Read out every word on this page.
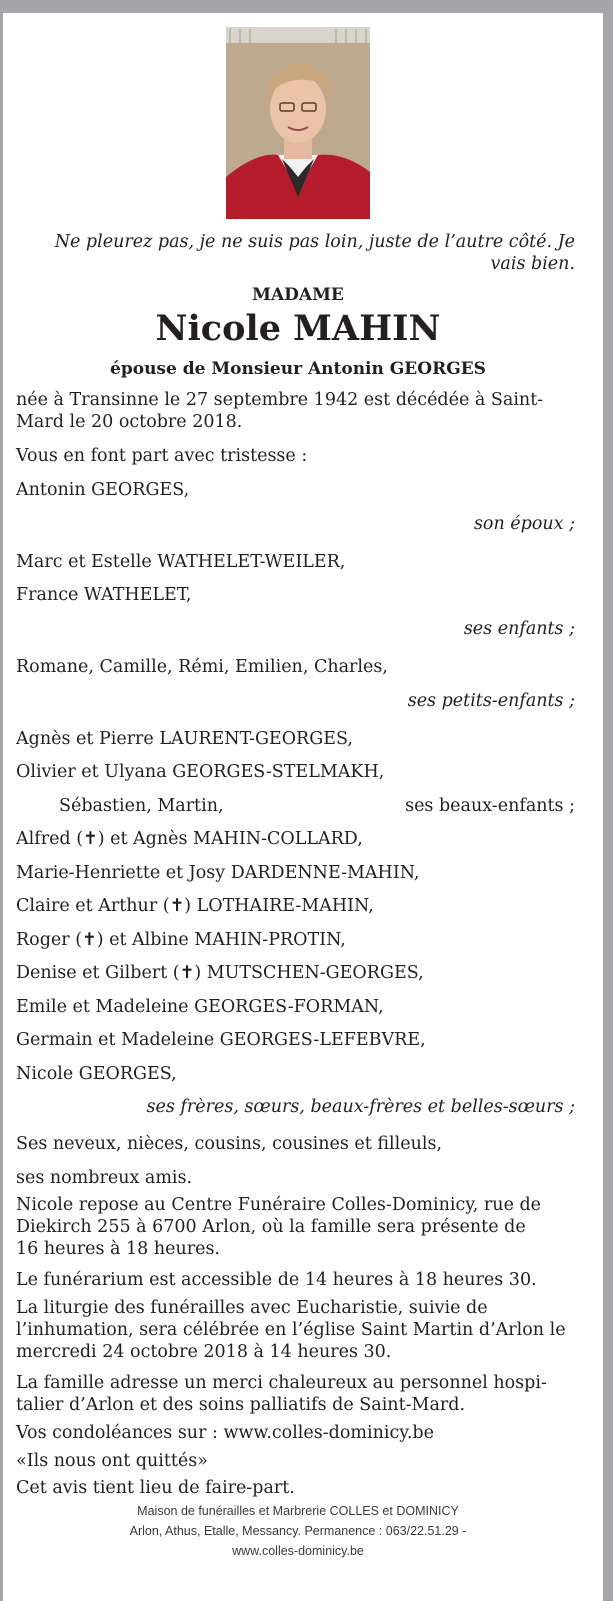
Ne pleurez pas, je ne suis pas loin, juste de l’autre côté. Je
vais bien.
MADAME
Nicole MAHIN
épouse de Monsieur Antonin GEORGES
née à Transinne le 27 septembre 1942 est décédée à Saint-
Mard le 20 octobre 2018.
Vous en font part avec tristesse :
Antonin GEORGES,
son époux ;
Marc et Estelle WATHELET-WEILER,
France WATHELET,
ses enfants ;
Romane, Camille, Rémi, Emilien, Charles,
ses petits-enfants ;
Agnès et Pierre LAURENT-GEORGES,
Olivier et Ulyana GEORGES-STELMAKH,
Sébastien, Martin,	ses beaux-enfants ;
Alfred (✝) et Agnès MAHIN-COLLARD,
Marie-Henriette et Josy DARDENNE-MAHIN,
Claire et Arthur (✝) LOTHAIRE-MAHIN,
Roger (✝) et Albine MAHIN-PROTIN,
Denise et Gilbert (✝) MUTSCHEN-GEORGES,
Emile et Madeleine GEORGES-FORMAN,
Germain et Madeleine GEORGES-LEFEBVRE,
Nicole GEORGES,
ses frères, sœurs, beaux-frères et belles-sœurs ;
Ses neveux, nièces, cousins, cousines et filleuls,
ses nombreux amis.
Nicole repose au Centre Funéraire Colles-Dominicy, rue de
Diekirch 255 à 6700 Arlon, où la famille sera présente de
16 heures à 18 heures.
Le funérarium est accessible de 14 heures à 18 heures 30.
La liturgie des funérailles avec Eucharistie, suivie de
l’inhumation, sera célébrée en l’église Saint Martin d’Arlon le
mercredi 24 octobre 2018 à 14 heures 30.
La famille adresse un merci chaleureux au personnel hospi-
talier d’Arlon et des soins palliatifs de Saint-Mard.
Vos condoléances sur : www.colles-dominicy.be
«Ils nous ont quittés»
Cet avis tient lieu de faire-part.
Maison de funérailles et Marbrerie COLLES et DOMINICY
Arlon, Athus, Etalle, Messancy. Permanence : 063/22.51.29 -
www.colles-dominicy.be
